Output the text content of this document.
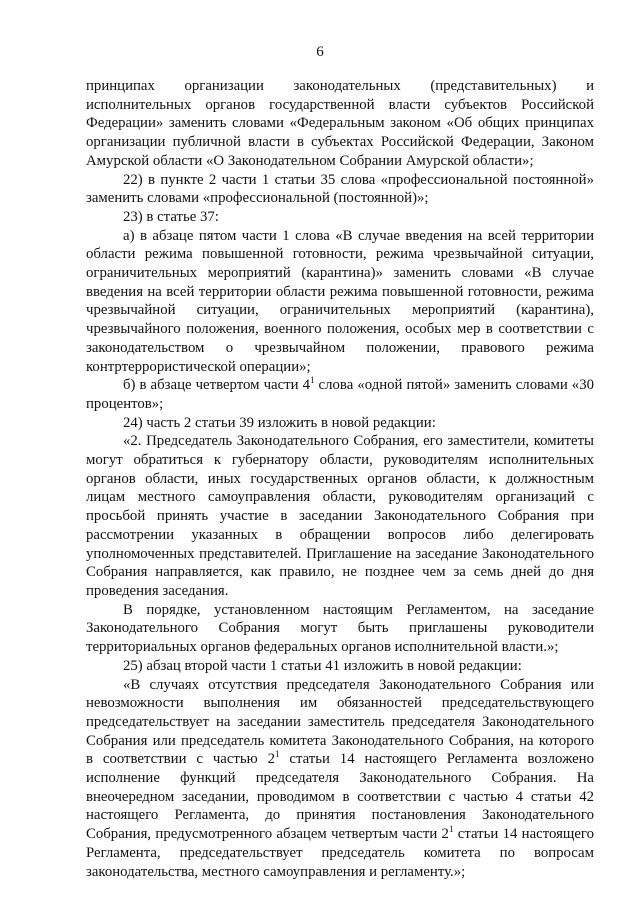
6

принципах организации законодательных (представительных) и исполнительных органов государственной власти субъектов Российской Федерации» заменить словами «Федеральным законом «Об общих принципах организации публичной власти в субъектах Российской Федерации, Законом Амурской области «О Законодательном Собрании Амурской области»;

22) в пункте 2 части 1 статьи 35 слова «профессиональной постоянной» заменить словами «профессиональной (постоянной)»;

23) в статье 37:

а) в абзаце пятом части 1 слова «В случае введения на всей территории области режима повышенной готовности, режима чрезвычайной ситуации, ограничительных мероприятий (карантина)» заменить словами «В случае введения на всей территории области режима повышенной готовности, режима чрезвычайной ситуации, ограничительных мероприятий (карантина), чрезвычайного положения, военного положения, особых мер в соответствии с законодательством о чрезвычайном положении, правового режима контртеррористической операции»;

б) в абзаце четвертом части $4^1$ слова «одной пятой» заменить словами «30 процентов»;

24) часть 2 статьи 39 изложить в новой редакции:

«2. Председатель Законодательного Собрания, его заместители, комитеты могут обратиться к губернатору области, руководителям исполнительных органов области, иных государственных органов области, к должностным лицам местного самоуправления области, руководителям организаций с просьбой принять участие в заседании Законодательного Собрания при рассмотрении указанных в обращении вопросов либо делегировать уполномоченных представителей. Приглашение на заседание Законодательного Собрания направляется, как правило, не позднее чем за семь дней до дня проведения заседания.

В порядке, установленном настоящим Регламентом, на заседание Законодательного Собрания могут быть приглашены руководители территориальных органов федеральных органов исполнительной власти.»;

25) абзац второй части 1 статьи 41 изложить в новой редакции:

«В случаях отсутствия председателя Законодательного Собрания или невозможности выполнения им обязанностей председательствующего председательствует на заседании заместитель председателя Законодательного Собрания или председатель комитета Законодательного Собрания, на которого в соответствии с частью $2^1$ статьи 14 настоящего Регламента возложено исполнение функций председателя Законодательного Собрания. На внеочередном заседании, проводимом в соответствии с частью 4 статьи 42 настоящего Регламента, до принятия постановления Законодательного Собрания, предусмотренного абзацем четвертым части $2^1$ статьи 14 настоящего Регламента, председательствует председатель комитета по вопросам законодательства, местного самоуправления и регламенту.»;
